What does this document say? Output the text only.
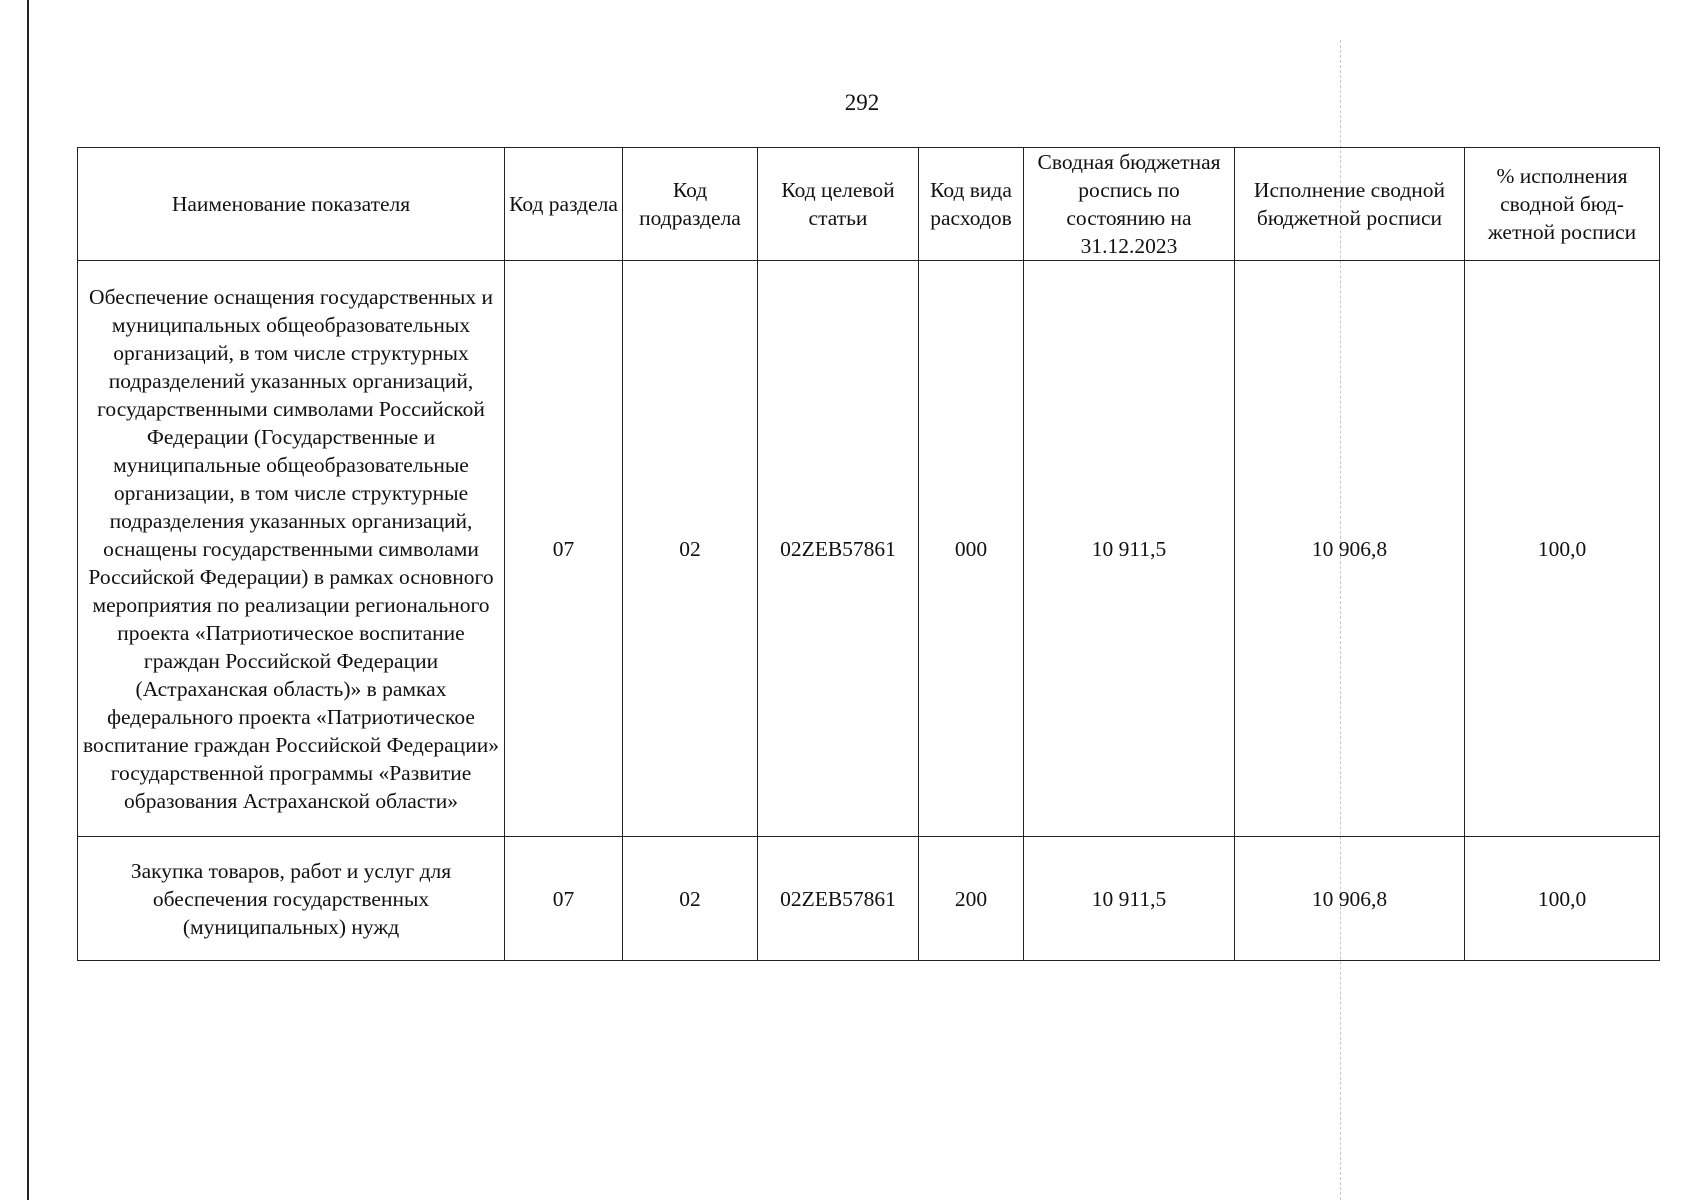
292
Наименование показателя	Код раздела	Код подраздела	Код целевой статьи	Код вида расходов	Сводная бюджетная роспись по состоянию на 31.12.2023	Исполнение сводной бюджетной росписи	% исполнения сводной бюд-жетной росписи
Обеспечение оснащения государственных и муниципальных общеобразовательных организаций, в том числе структурных подразделений указанных организаций, государственными символами Российской Федерации (Государственные и муниципальные общеобразовательные организации, в том числе структурные подразделения указанных организаций, оснащены государственными символами Российской Федерации) в рамках основного мероприятия по реализации регионального проекта «Патриотическое воспитание граждан Российской Федерации (Астраханская область)» в рамках федерального проекта «Патриотическое воспитание граждан Российской Федерации» государственной программы «Развитие образования Астраханской области»	07	02	02ZEB57861	000	10 911,5	10 906,8	100,0
Закупка товаров, работ и услуг для обеспечения государственных (муниципальных) нужд	07	02	02ZEB57861	200	10 911,5	10 906,8	100,0
